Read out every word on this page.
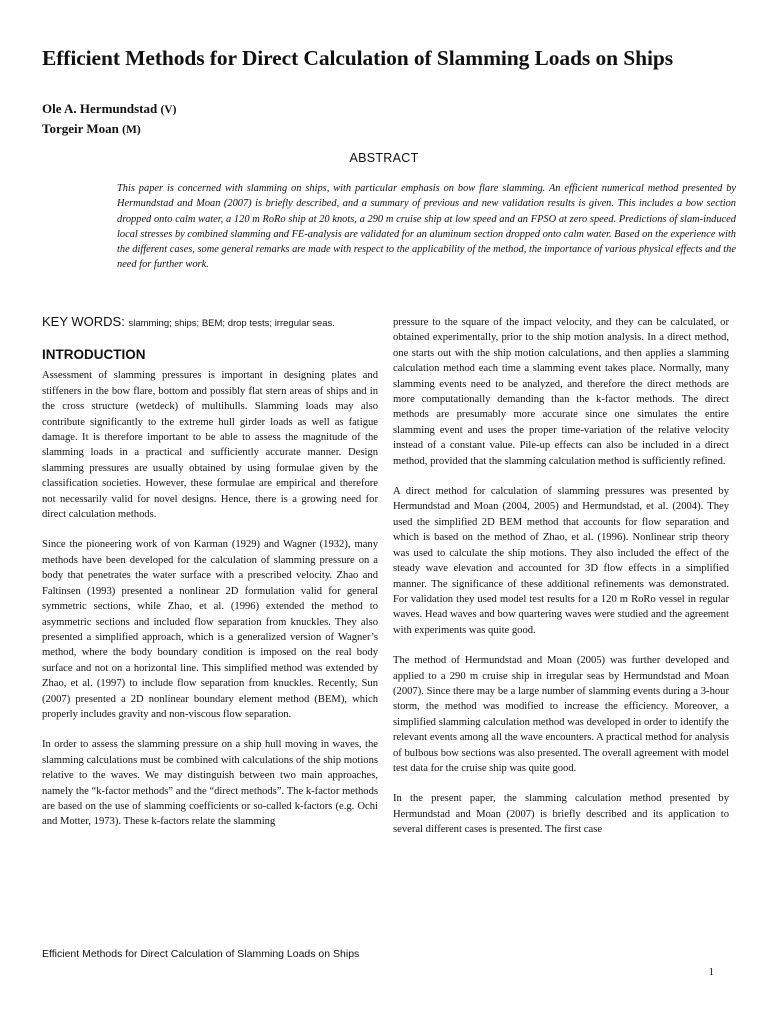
Efficient Methods for Direct Calculation of Slamming Loads on Ships
Ole A. Hermundstad (V)
Torgeir Moan (M)
ABSTRACT
This paper is concerned with slamming on ships, with particular emphasis on bow flare slamming. An efficient numerical method presented by Hermundstad and Moan (2007) is briefly described, and a summary of previous and new validation results is given. This includes a bow section dropped onto calm water, a 120 m RoRo ship at 20 knots, a 290 m cruise ship at low speed and an FPSO at zero speed. Predictions of slam-induced local stresses by combined slamming and FE-analysis are validated for an aluminum section dropped onto calm water. Based on the experience with the different cases, some general remarks are made with respect to the applicability of the method, the importance of various physical effects and the need for further work.

KEY WORDS: slamming; ships; BEM; drop tests; irregular seas.

INTRODUCTION

Assessment of slamming pressures is important in designing plates and stiffeners in the bow flare, bottom and possibly flat stern areas of ships and in the cross structure (wetdeck) of multihulls. Slamming loads may also contribute significantly to the extreme hull girder loads as well as fatigue damage. It is therefore important to be able to assess the magnitude of the slamming loads in a practical and sufficiently accurate manner. Design slamming pressures are usually obtained by using formulae given by the classification societies. However, these formulae are empirical and therefore not necessarily valid for novel designs. Hence, there is a growing need for direct calculation methods.

Since the pioneering work of von Karman (1929) and Wagner (1932), many methods have been developed for the calculation of slamming pressure on a body that penetrates the water surface with a prescribed velocity. Zhao and Faltinsen (1993) presented a nonlinear 2D formulation valid for general symmetric sections, while Zhao, et al. (1996) extended the method to asymmetric sections and included flow separation from knuckles. They also presented a simplified approach, which is a generalized version of Wagner’s method, where the body boundary condition is imposed on the real body surface and not on a horizontal line. This simplified method was extended by Zhao, et al. (1997) to include flow separation from knuckles. Recently, Sun (2007) presented a 2D nonlinear boundary element method (BEM), which properly includes gravity and non-viscous flow separation.

In order to assess the slamming pressure on a ship hull moving in waves, the slamming calculations must be combined with calculations of the ship motions relative to the waves. We may distinguish between two main approaches, namely the “k-factor methods” and the “direct methods”. The k-factor methods are based on the use of slamming coefficients or so-called k-factors (e.g. Ochi and Motter, 1973). These k-factors relate the slamming

pressure to the square of the impact velocity, and they can be calculated, or obtained experimentally, prior to the ship motion analysis. In a direct method, one starts out with the ship motion calculations, and then applies a slamming calculation method each time a slamming event takes place. Normally, many slamming events need to be analyzed, and therefore the direct methods are more computationally demanding than the k-factor methods. The direct methods are presumably more accurate since one simulates the entire slamming event and uses the proper time-variation of the relative velocity instead of a constant value. Pile-up effects can also be included in a direct method, provided that the slamming calculation method is sufficiently refined.

A direct method for calculation of slamming pressures was presented by Hermundstad and Moan (2004, 2005) and Hermundstad, et al. (2004). They used the simplified 2D BEM method that accounts for flow separation and which is based on the method of Zhao, et al. (1996). Nonlinear strip theory was used to calculate the ship motions. They also included the effect of the steady wave elevation and accounted for 3D flow effects in a simplified manner. The significance of these additional refinements was demonstrated. For validation they used model test results for a 120 m RoRo vessel in regular waves. Head waves and bow quartering waves were studied and the agreement with experiments was quite good.

The method of Hermundstad and Moan (2005) was further developed and applied to a 290 m cruise ship in irregular seas by Hermundstad and Moan (2007). Since there may be a large number of slamming events during a 3-hour storm, the method was modified to increase the efficiency. Moreover, a simplified slamming calculation method was developed in order to identify the relevant events among all the wave encounters. A practical method for analysis of bulbous bow sections was also presented. The overall agreement with model test data for the cruise ship was quite good.

In the present paper, the slamming calculation method presented by Hermundstad and Moan (2007) is briefly described and its application to several different cases is presented. The first case

Efficient Methods for Direct Calculation of Slamming Loads on Ships
1
